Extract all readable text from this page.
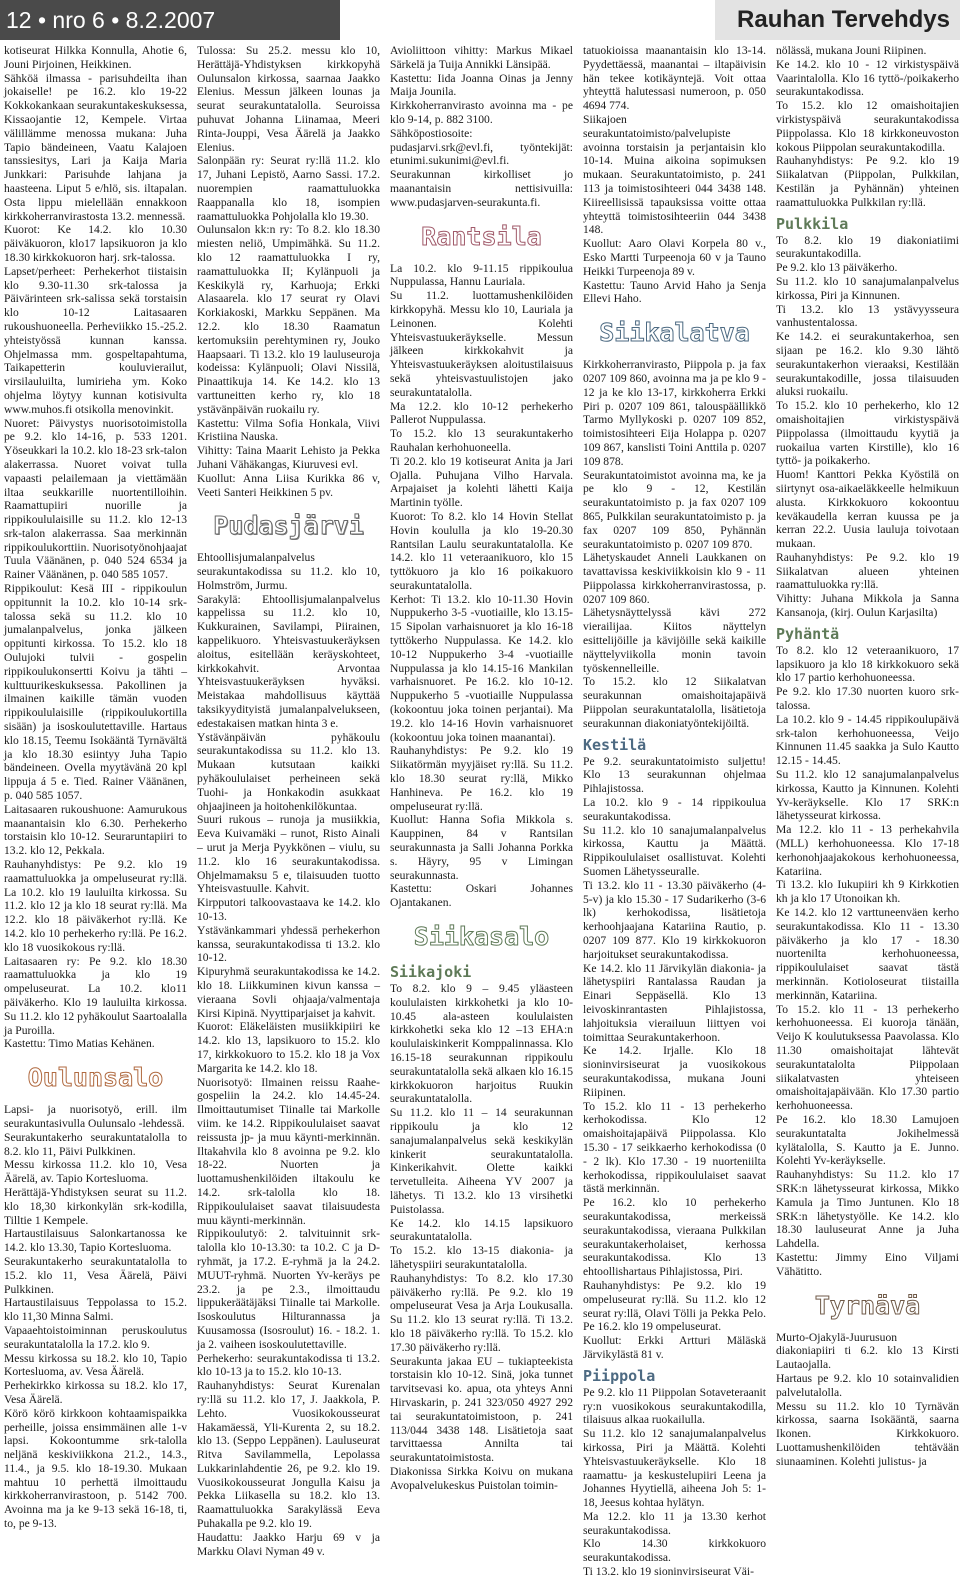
12 • nro 6 • 8.2.2007	Rauhan Tervehdys

kotiseurat Hilkka Konnulla, Ahotie 6, Jouni Pirjoinen, Heikkinen.

Sähköä ilmassa - parisuhdeilta ihan jokaiselle! pe 16.2. klo 19-22 Kokkokankaan seurakuntakeskuksessa, Kissaojantie 12, Kempele. Virtaa välillämme menossa mukana: Juha Tapio bändeineen, Vaatu Kalajoen tanssiesitys, Lari ja Kaija Maria Junkkari: Parisuhde lahjana ja haasteena. Liput 5 e/hlö, sis. iltapalan. Osta lippu mielellään ennakkoon kirkkoherranvirastosta 13.2. mennessä.

Kuorot: Ke 14.2. klo 10.30 päiväkuoron, klo17 lapsikuoron ja klo 18.30 kirkkokuoron harj. srk-talossa.

Lapset/perheet: Perhekerhot tiistaisin klo 9.30-11.30 srk-talossa ja Päivärinteen srk-salissa sekä torstaisin klo 10-12 Laitasaaren rukoushuoneella. Perheviikko 15.-25.2. yhteistyössä kunnan kanssa. Ohjelmassa mm. gospeltapahtuma, Taikapetterin kouluvierailut, virsilauluilta, lumirieha ym. Koko ohjelma löytyy kunnan kotisivulta www.muhos.fi otsikolla menovinkit.

Nuoret: Päivystys nuorisotoimistolla pe 9.2. klo 14-16, p. 533 1201. Yöseukkari la 10.2. klo 18-23 srk-talon alakerrassa. Nuoret voivat tulla vapaasti pelailemaan ja viettämään iltaa seukkarille nuortentilloihin. Raamattupiiri nuorille ja rippikoululaisille su 11.2. klo 12-13 srk-talon alakerrassa. Saa merkinnän rippikoulukorttiin. Nuorisotyönohjaajat Tuula Väänänen, p. 040 524 6534 ja Rainer Väänänen, p. 040 585 1057.

Rippikoulut: Kesä III - rippikoulun oppitunnit la 10.2. klo 10-14 srk-talossa sekä su 11.2. klo 10 jumalanpalvelus, jonka jälkeen oppitunti kirkossa. To 15.2. klo 18 Oulujoki tulvii - gospelin rippikoulukonsertti Koivu ja tähti – kulttuurikeskuksessa. Pakollinen ja ilmainen kaikille tämän vuoden rippikoululaisille (rippikoulukortilla sisään) ja isoskoulutettaville. Hartaus klo 18.15, Teemu Isokääntä Tyrnävältä ja klo 18.30 esiintyy Juha Tapio bändeineen. Ovella myytävänä 20 kpl lippuja á 5 e. Tied. Rainer Väänänen, p. 040 585 1057.

Laitasaaren rukoushuone: Aamurukous maanantaisin klo 6.30. Perhekerho torstaisin klo 10-12. Seuraruntapiiri to 13.2. klo 12, Pekkala.

Rauhanyhdistys: Pe 9.2. klo 19 raamattuluokka ja ompeluseurat ry:llä. La 10.2. klo 19 lauluilta kirkossa. Su 11.2. klo 12 ja klo 18 seurat ry:llä. Ma 12.2. klo 18 päiväkerhot ry:llä. Ke 14.2. klo 10 perhekerho ry:llä. Pe 16.2. klo 18 vuosikokous ry:llä.

Laitasaaren ry: Pe 9.2. klo 18.30 raamattuluokka ja klo 19 ompeluseurat. La 10.2. klo11 päiväkerho. Klo 19 lauluilta kirkossa. Su 11.2. klo 12 pyhäkoulut Saartoalalla ja Puroilla.

Kastettu: Timo Matias Kehänen.

Oulunsalo

Lapsi- ja nuorisotyö, erill. ilm seurakuntasivulla Oulunsalo -lehdessä.

Seurakuntakerho seurakuntatalolla to 8.2. klo 11, Päivi Pulkkinen.

Messu kirkossa 11.2. klo 10, Vesa Äärelä, av. Tapio Kortesluoma.

Herättäjä-Yhdistyksen seurat su 11.2. klo 18,30 kirkonkylän srk-kodilla, Tilltie 1 Kempele.

Hartaustilaisuus Salonkartanossa ke 14.2. klo 13.30, Tapio Kortesluoma.

Seurakuntakerho seurakuntatalolla to 15.2. klo 11, Vesa Äärelä, Päivi Pulkkinen.

Hartaustilaisuus Teppolassa to 15.2. klo 11,30 Minna Salmi.

Vapaaehtoistoiminnan peruskoulutus seurakuntatalolla la 17.2. klo 9.

Messu kirkossa su 18.2. klo 10, Tapio Kortesluoma, av. Vesa Äärelä.

Perhekirkko kirkossa su 18.2. klo 17, Vesa Äärelä.

Körö körö kirkkoon kohtaamispaikka perheille, joissa ensimmäinen alle 1-v lapsi. Kokoontumme srk-talolla neljänä keskiviikkona 21.2., 14.3., 11.4., ja 9.5. klo 18-19.30. Mukaan mahtuu 10 perhettä ilmoittaudu kirkkoherranvirastoon, p. 5142 700. Avoinna ma ja ke 9-13 sekä 16-18, ti, to, pe 9-13.

Tulossa: Su 25.2. messu klo 10, Herättäjä-Yhdistyksen kirkkopyhä Oulunsalon kirkossa, saarnaa Jaakko Elenius. Messun jälkeen lounas ja seurat seurakuntatalolla. Seuroissa puhuvat Johanna Liinamaa, Meeri Rinta-Jouppi, Vesa Äärelä ja Jaakko Elenius.

Salonpään ry: Seurat ry:llä 11.2. klo 17, Juhani Lepistö, Aarno Sassi. 17.2. nuorempien raamattuluokka Raappanalla klo 18, isompien raamattuluokka Pohjolalla klo 19.30.

Oulunsalon kk:n ry: To 8.2. klo 18.30 miesten neliö, Umpimähkä. Su 11.2. klo 12 raamattuluokka I ry, raamattuluokka II; Kylänpuoli ja Keskikylä ry, Karhuoja; Erkki Alasaarela. klo 17 seurat ry Olavi Korkiakoski, Markku Seppänen. Ma 12.2. klo 18.30 Raamatun kertomuksiin perehtyminen ry, Jouko Haapsaari. Ti 13.2. klo 19 lauluseuroja kodeissa: Kylänpuoli; Olavi Nissilä, Pinaattikuja 14. Ke 14.2. klo 13 varttuneitten kerho ry, klo 18 ystävänpäivän ruokailu ry.

Kastettu: Vilma Sofia Honkala, Viivi Kristiina Nauska.

Vihitty: Taina Maarit Lehisto ja Pekka Juhani Vähäkangas, Kiuruvesi evl.

Kuollut: Anna Liisa Kurikka 86 v, Veeti Santeri Heikkinen 5 pv.

Pudasjärvi

Ehtoollisjumalanpalvelus seurakuntakodissa su 11.2. klo 10, Holmström, Jurmu.

Sarakylä: Ehtoollisjumalanpalvelus kappelissa su 11.2. klo 10, Kukkurainen, Savilampi, Piirainen, kappelikuoro. Yhteisvastuukeräyksen aloitus, esitellään keräyskohteet, kirkkokahvit. Arvontaa Yhteisvastuukeräyksen hyväksi. Meistakaa mahdollisuus käyttää taksikyydityistä jumalanpalvelukseen, edestakaisen matkan hinta 3 e.

Ystävänpäivän pyhäkoulu seurakuntakodissa su 11.2. klo 13. Mukaan kutsutaan kaikki pyhäkoululaiset perheineen sekä Tuohi- ja Honkakodin asukkaat ohjaajineen ja hoitohenkilökuntaa.

Suuri rukous – runoja ja musiikkia, Eeva Kuivamäki – runot, Risto Ainali – urut ja Merja Pyykkönen – viulu, su 11.2. klo 16 seurakuntakodissa. Ohjelmamaksu 5 e, tilaisuuden tuotto Yhteisvastuulle. Kahvit.

Kirpputori talkoovastaava ke 14.2. klo 10-13.

Ystävänkammari yhdessä perhekerhon kanssa, seurakuntakodissa ti 13.2. klo 10-12.

Kipuryhmä seurakuntakodissa ke 14.2. klo 18. Liikkuminen kivun kanssa – vieraana Sovli ohjaaja/valmentaja Kirsi Kipinä. Nyyttiparjaiset ja kahvit.

Kuorot: Eläkeläisten musiikkipiiri ke 14.2. klo 13, lapsikuoro to 15.2. klo 17, kirkkokuoro to 15.2. klo 18 ja Vox Margarita ke 14.2. klo 18.

Nuorisotyö: Ilmainen reissu Raahe-gospeliin la 24.2. klo 14.45-24. Ilmoittautumiset Tiinalle tai Markolle viim. ke 14.2. Rippikoululaiset saavat reissusta jp- ja muu käynti-merkinnän. Iltakahvila klo 8 avoinna pe 9.2. klo 18-22. Nuorten ja luottamushenkilöiden iltakoulu ke 14.2. srk-talolla klo 18. Rippikoululaiset saavat tilaisuudesta muu käynti-merkinnän.

Rippikoulutyö: 2. talvituinnit srk-talolla klo 10-13.30: ta 10.2. C ja D-ryhmät, ja 17.2. E-ryhmä ja la 24.2. MUUT-ryhmä. Nuorten Yv-keräys pe 23.2. ja pe 2.3., ilmoittaudu lippukeräätäjäksi Tiinalle tai Markolle. Isoskoulutus Hilturannassa ja Kuusamossa (Isosroulut) 16. - 18.2. 1. ja 2. vaiheen isoskoulutettaville.

Perhekerho: seurakuntakodissa ti 13.2. klo 10-13 ja to 15.2. klo 10-13.

Rauhanyhdistys: Seurat Kurenalan ry:llä su 11.2. klo 17, J. Jaakkola, P. Lehto. Vuosikokousseurat Hakamäessä, Yli-Kurenta 2, su 18.2. klo 13. (Seppo Leppänen). Lauluseurat Ritva Savilammella, Lepolassa Lukkarinlahdentie 26, pe 9.2. klo 19. Vuosikokousseurat Jongulla Kaisu ja Pekka Liikasella su 18.2. klo 13. Raamattuluokka Sarakylässä Eeva Puhakalla pe 9.2. klo 19.

Haudattu: Jaakko Harju 69 v ja Markku Olavi Nyman 49 v.

Avioliittoon vihitty: Markus Mikael Särkelä ja Tuija Annikki Länsipää.

Kastettu: Iida Joanna Oinas ja Jenny Maija Jounila.

Kirkkoherranvirasto avoinna ma - pe klo 9-14, p. 882 3100.

Sähköpostiosoite: pudasjarvi.srk@evl.fi, työntekijät: etunimi.sukunimi@evl.fi.

Seurakunnan kirkolliset jo maanantaisin nettisivuilla: www.pudasjarven-seurakunta.fi.

Rantsila

La 10.2. klo 9-11.15 rippikoulua Nuppulassa, Hannu Lauriala.

Su 11.2. luottamushenkilöiden kirkkopyhä. Messu klo 10, Lauriala ja Leinonen. Kolehti Yhteisvastuukeräykselle. Messun jälkeen kirkkokahvit ja Yhteisvastuukeräyksen aloitustilaisuus sekä yhteisvastuulistojen jako seurakuntatalolla.

Ma 12.2. klo 10-12 perhekerho Pallerot Nuppulassa.

To 15.2. klo 13 seurakuntakerho Rauhalan kerhohuoneella.

Ti 20.2. klo 19 kotiseurat Anita ja Jari Ojalla. Puhujana Vilho Harvala. Arpajaiset ja kolehti lähetti Kaija Martinin työlle.

Kuorot: To 8.2. klo 14 Hovin Stellat Hovin koululla ja klo 19-20.30 Rantsilan Laulu seurakuntatalolla. Ke 14.2. klo 11 veteraanikuoro, klo 15 tyttökuoro ja klo 16 poikakuoro seurakuntatalolla.

Kerhot: Ti 13.2. klo 10-11.30 Hovin Nuppukerho 3-5 -vuotiaille, klo 13.15-15 Sipolan varhaisnuoret ja klo 16-18 tyttökerho Nuppulassa. Ke 14.2. klo 10-12 Nuppukerho 3-4 -vuotiaille Nuppulassa ja klo 14.15-16 Mankilan varhaisnuoret. Pe 16.2. klo 10-12. Nuppukerho 5 -vuotiaille Nuppulassa (kokoontuu joka toinen perjantai). Ma 19.2. klo 14-16 Hovin varhaisnuoret (kokoontuu joka toinen maanantai).

Rauhanyhdistys: Pe 9.2. klo 19 Siikatörmän myyjäiset ry:llä. Su 11.2. klo 18.30 seurat ry:llä, Mikko Hanhineva. Pe 16.2. klo 19 ompeluseurat ry:llä.

Kuollut: Hanna Sofia Mikkola s. Kauppinen, 84 v Rantsilan seurakunnasta ja Salli Johanna Porkka s. Häyry, 95 v Limingan seurakunnasta.

Kastettu: Oskari Johannes Ojantakanen.

Siikasalo
Siikajoki

To 8.2. klo 9 – 9.45 yläasteen koululaisten kirkkohetki ja klo 10-10.45 ala-asteen koululaisten kirkkohetki seka klo 12 –13 EHA:n koululaiskinkerit Komppalinnassa. Klo 16.15-18 seurakunnan rippikoulu seurakuntatalolla sekä alkaen klo 16.15 kirkkokuoron harjoitus Ruukin seurakuntatalolla.

Su 11.2. klo 11 – 14 seurakunnan rippikoulu ja klo 12 sanajumalanpalvelus sekä keskikylän kinkerit seurakuntatalolla. Kinkerikahvit. Olette kaikki tervetulleita. Aiheena YV 2007 ja lähetys. Ti 13.2. klo 13 virsihetki Puistolassa.

Ke 14.2. klo 14.15 lapsikuoro seurakuntatalolla.

To 15.2. klo 13-15 diakonia- ja lähetyspiiri seurakuntatalolla.

Rauhanyhdistys: To 8.2. klo 17.30 päiväkerho ry:llä. Pe 9.2. klo 19 ompeluseurat Vesa ja Arja Loukusalla. Su 11.2. klo 13 seurat ry:llä. Ti 13.2. klo 18 päiväkerho ry:llä. To 15.2. klo 17.30 päiväkerho ry:llä.

Seurakunta jakaa EU – tukiapteekista torstaisin klo 10-12. Sinä, joka tunnet tarvitsevasi ko. apua, ota yhteys Anni Hirvaskarin, p. 241 323/050 4927 292 tai seurakuntatoimistoon, p. 241 113/044 3438 148. Lisätietoja saat tarvittaessa Annilta tai seurakuntatoimistosta.

Diakonissa Sirkka Koivu on mukana Avopalvelukeskus Puistolan toimin-

tatuokioissa maanantaisin klo 13-14. Pyydettäessä, maanantai – iltapäivisin hän tekee kotikäyntejä. Voit ottaa yhteyttä halutessasi numeroon, p. 050 4694 774.

Siikajoen seurakuntatoimisto/palvelupiste avoinna torstaisin ja perjantaisin klo 10-14. Muina aikoina sopimuksen mukaan. Seurakuntatoimisto, p. 241 113 ja toimistosihteeri 044 3438 148. Kiireellisissä tapauksissa voitte ottaa yhteyttä toimistosihteeriin 044 3438 148.

Kuollut: Aaro Olavi Korpela 80 v., Esko Martti Turpeenoja 60 v ja Tauno Heikki Turpeenoja 89 v.

Kastettu: Tauno Arvid Haho ja Senja Ellevi Haho.

Siikalatva

Kirkkoherranvirasto, Piippola p. ja fax 0207 109 860, avoinna ma ja pe klo 9 - 12 ja ke klo 13-17, kirkkoherra Erkki Piri p. 0207 109 861, talouspäällikkö Tarmo Myllykoski p. 0207 109 852, toimistosihteeri Eija Holappa p. 0207 109 867, kanslisti Toini Anttila p. 0207 109 878.

Seurakuntatoimistot avoinna ma, ke ja pe klo 9 - 12, Kestilän seurakuntatoimisto p. ja fax 0207 109 865, Pulkkilan seurakuntatoimisto p. ja fax 0207 109 850, Pyhännän seurakuntatoimisto p. 0207 109 870.

Lähetyskaudet Anneli Laukkanen on tavattavissa keskiviikkoisin klo 9 - 11 Piippolassa kirkkoherranvirastossa, p. 0207 109 860.

Lähetysnäyttelyssä kävi 272 vierailijaa. Kiitos näyttelyn esittelijöille ja kävijöille sekä kaikille näyttelyviikolla monin tavoin työskennelleille.

To 15.2. klo 12 Siikalatvan seurakunnan omaishoitajapäivä Piippolan seurakuntatalolla, lisätietoja seurakunnan diakoniatyöntekijöiltä.

Kestilä

Pe 9.2. seurakuntatoimisto suljettu! Klo 13 seurakunnan ohjelmaa Pihlajistossa.

La 10.2. klo 9 - 14 rippikoulua seurakuntakodissa.

Su 11.2. klo 10 sanajumalanpalvelus kirkossa, Kauttu ja Määttä. Rippikoululaiset osallistuvat. Kolehti Suomen Lähetysseuralle.

Ti 13.2. klo 11 - 13.30 päiväkerho (4-5-v) ja klo 15.30 - 17 Sudarikerho (3-6 lk) kerhokodissa, lisätietoja kerhoohjaajana Katariina Rautio, p. 0207 109 877. Klo 19 kirkkokuoron harjoitukset seurakuntakodissa.

Ke 14.2. klo 11 Järvikylän diakonia- ja lähetyspiiri Rantalassa Raudan ja Einari Seppäsellä. Klo 13 leivoskinrantasten Pihlajistossa, lahjoituksia vierailuun liittyen voi toimittaa Seurakuntakerhoon.

Ke 14.2. Irjalle. Klo 18 sioninvirsiseurat ja vuosikokous seurakuntakodissa, mukana Jouni Riipinen.

To 15.2. klo 11 - 13 perhekerho kerhokodissa. Klo 12 omaishoitajapäivä Piippolassa. Klo 15.30 - 17 seikkaerho kerhokodissa (0 - 2 lk). Klo 17.30 - 19 nuorteniilta kerhokodissa, rippikoululaiset saavat tästä merkinnän.

Pe 16.2. klo 10 perhekerho seurakuntakodissa, merkeissä seurakuntakodissa, vieraana Pulkkilan seurakuntakerholaiset, kerhossa seurakuntakodissa. Klo 13 ehtoollishartaus Pihlajistossa, Piri.

Rauhanyhdistys: Pe 9.2. klo 19 ompeluseurat ry:llä. Su 11.2. klo 12 seurat ry:llä, Olavi Tölli ja Pekka Pelo. Pe 16.2. klo 19 ompeluseurat.

Kuollut: Erkki Artturi Mäläskä Järvikylästä 81 v.

Piippola

Pe 9.2. klo 11 Piippolan Sotaveteraanit ry:n vuosikokous seurakuntakodilla, tilaisuus alkaa ruokailulla.

Su 11.2. klo 12 sanajumalanpalvelus kirkossa, Piri ja Määttä. Kolehti Yhteisvastuukeräykselle. Klo 18 raamattu- ja keskustelupiiri Leena ja Johannes Hyytiellä, aiheena Joh 5: 1-18, Jeesus kohtaa hylätyn.

Ma 12.2. klo 11 ja 13.30 kerhot seurakuntakodissa.

Klo 14.30 kirkkokuoro seurakuntakodissa.

Ti 13.2. klo 19 sioninvirsiseurat Väi-

nölässä, mukana Jouni Riipinen.

Ke 14.2. klo 10 - 12 virkistyspäivä Vaarintalolla. Klo 16 tyttö-/poikakerho seurakuntakodissa.

To 15.2. klo 12 omaishoitajien virkistyspäivä seurakuntakodissa Piippolassa. Klo 18 kirkkoneuvoston kokous Piippolan seurakuntakodilla.

Rauhanyhdistys: Pe 9.2. klo 19 Siikalatvan (Piippolan, Pulkkilan, Kestilän ja Pyhännän) yhteinen raamattuluokka Pulkkilan ry:llä.

Pulkkila

To 8.2. klo 19 diakoniatiimi seurakuntakodilla.

Pe 9.2. klo 13 päiväkerho.

Su 11.2. klo 10 sanajumalanpalvelus kirkossa, Piri ja Kinnunen.

Ti 13.2. klo 13 ystävyysseura vanhustentalossa.

Ke 14.2. ei seurakuntakerhoa, sen sijaan pe 16.2. klo 9.30 lähtö seurakuntakerhon vieraaksi, Kestilään seurakuntakodille, jossa tilaisuuden aluksi ruokailu.

To 15.2. klo 10 perhekerho, klo 12 omaishoitajien virkistyspäivä Piippolassa (ilmoittaudu kyytiä ja ruokailua varten Kirstille), klo 16 tyttö- ja poikakerho.

Huom! Kanttori Pekka Kyöstilä on siirtynyt osa-aikaeläkkeelle helmikuun alusta. Kirkkokuoro kokoontuu keväkaudella kerran kuussa pe ja kerran 22.2. Uusia lauluja toivotaan mukaan.

Rauhanyhdistys: Pe 9.2. klo 19 Siikalatvan alueen yhteinen raamattuluokka ry:llä.

Vihitty: Juhana Mikkola ja Sanna Kansanoja, (kirj. Oulun Karjasilta)

Pyhäntä

To 8.2. klo 12 veteraanikuoro, 17 lapsikuoro ja klo 18 kirkkokuoro sekä klo 17 partio kerhohuoneessa.

Pe 9.2. klo 17.30 nuorten kuoro srk-talossa.

La 10.2. klo 9 - 14.45 rippikoulupäivä srk-talon kerhohuoneessa, Veijo Kinnunen 11.45 saakka ja Sulo Kautto 12.15 - 14.45.

Su 11.2. klo 12 sanajumalanpalvelus kirkossa, Kautto ja Kinnunen. Kolehti Yv-keräykselle. Klo 17 SRK:n lähetysseurat kirkossa.

Ma 12.2. klo 11 - 13 perhekahvila (MLL) kerhohuoneessa. Klo 17-18 kerhonohjaajakokous kerhohuoneessa, Katariina.

Ti 13.2. klo Iukupiiri kh 9 Kirkkotien kh ja klo 17 Utonoikan kh.

Ke 14.2. klo 12 varttuneenväen kerho seurakuntakodissa. Klo 11 - 13.30 päiväkerho ja klo 17 - 18.30 nuortenilta kerhohuoneessa, rippikoululaiset saavat tästä merkinnän. Kotioloseurat tiistailla merkinnän, Katariina.

To 15.2. klo 11 - 13 perhekerho kerhohuoneessa. Ei kuoroja tänään, Veijo K koulutuksessa Paavolassa. Klo 11.30 omaishoitajat lähtevät seurakuntatalolta Piippolaan siikalatvasten yhteiseen omaishoitajapäivään. Klo 17.30 partio kerhohuoneessa.

Pe 16.2. klo 18.30 Lamujoen seurakuntatalta Jokihelmessä kylätalolla, S. Kautto ja E. Junno. Kolehti Yv-keräykselle.

Rauhanyhdistys: Su 11.2. klo 17 SRK:n lähetysseurat kirkossa, Mikko Kamula ja Timo Juntunen. Klo 18 SRK:n lähetystyölle. Ke 14.2. klo 18.30 lauluseurat Anne ja Juha Lahdella.

Kastettu: Jimmy Eino Viljami Vähätitto.

Tyrnävä

Murto-Ojakylä-Juurusuon diakoniapiiri ti 6.2. klo 13 Kirsti Lautaojalla.

Hartaus pe 9.2. klo 10 sotainvalidien palvelutalolla.

Messu su 11.2. klo 10 Tyrnävän kirkossa, saarna Isokääntä, saarna Ikonen. Kirkkokuoro. Luottamushenkilöiden tehtävään siunaaminen. Kolehti julistus- ja
